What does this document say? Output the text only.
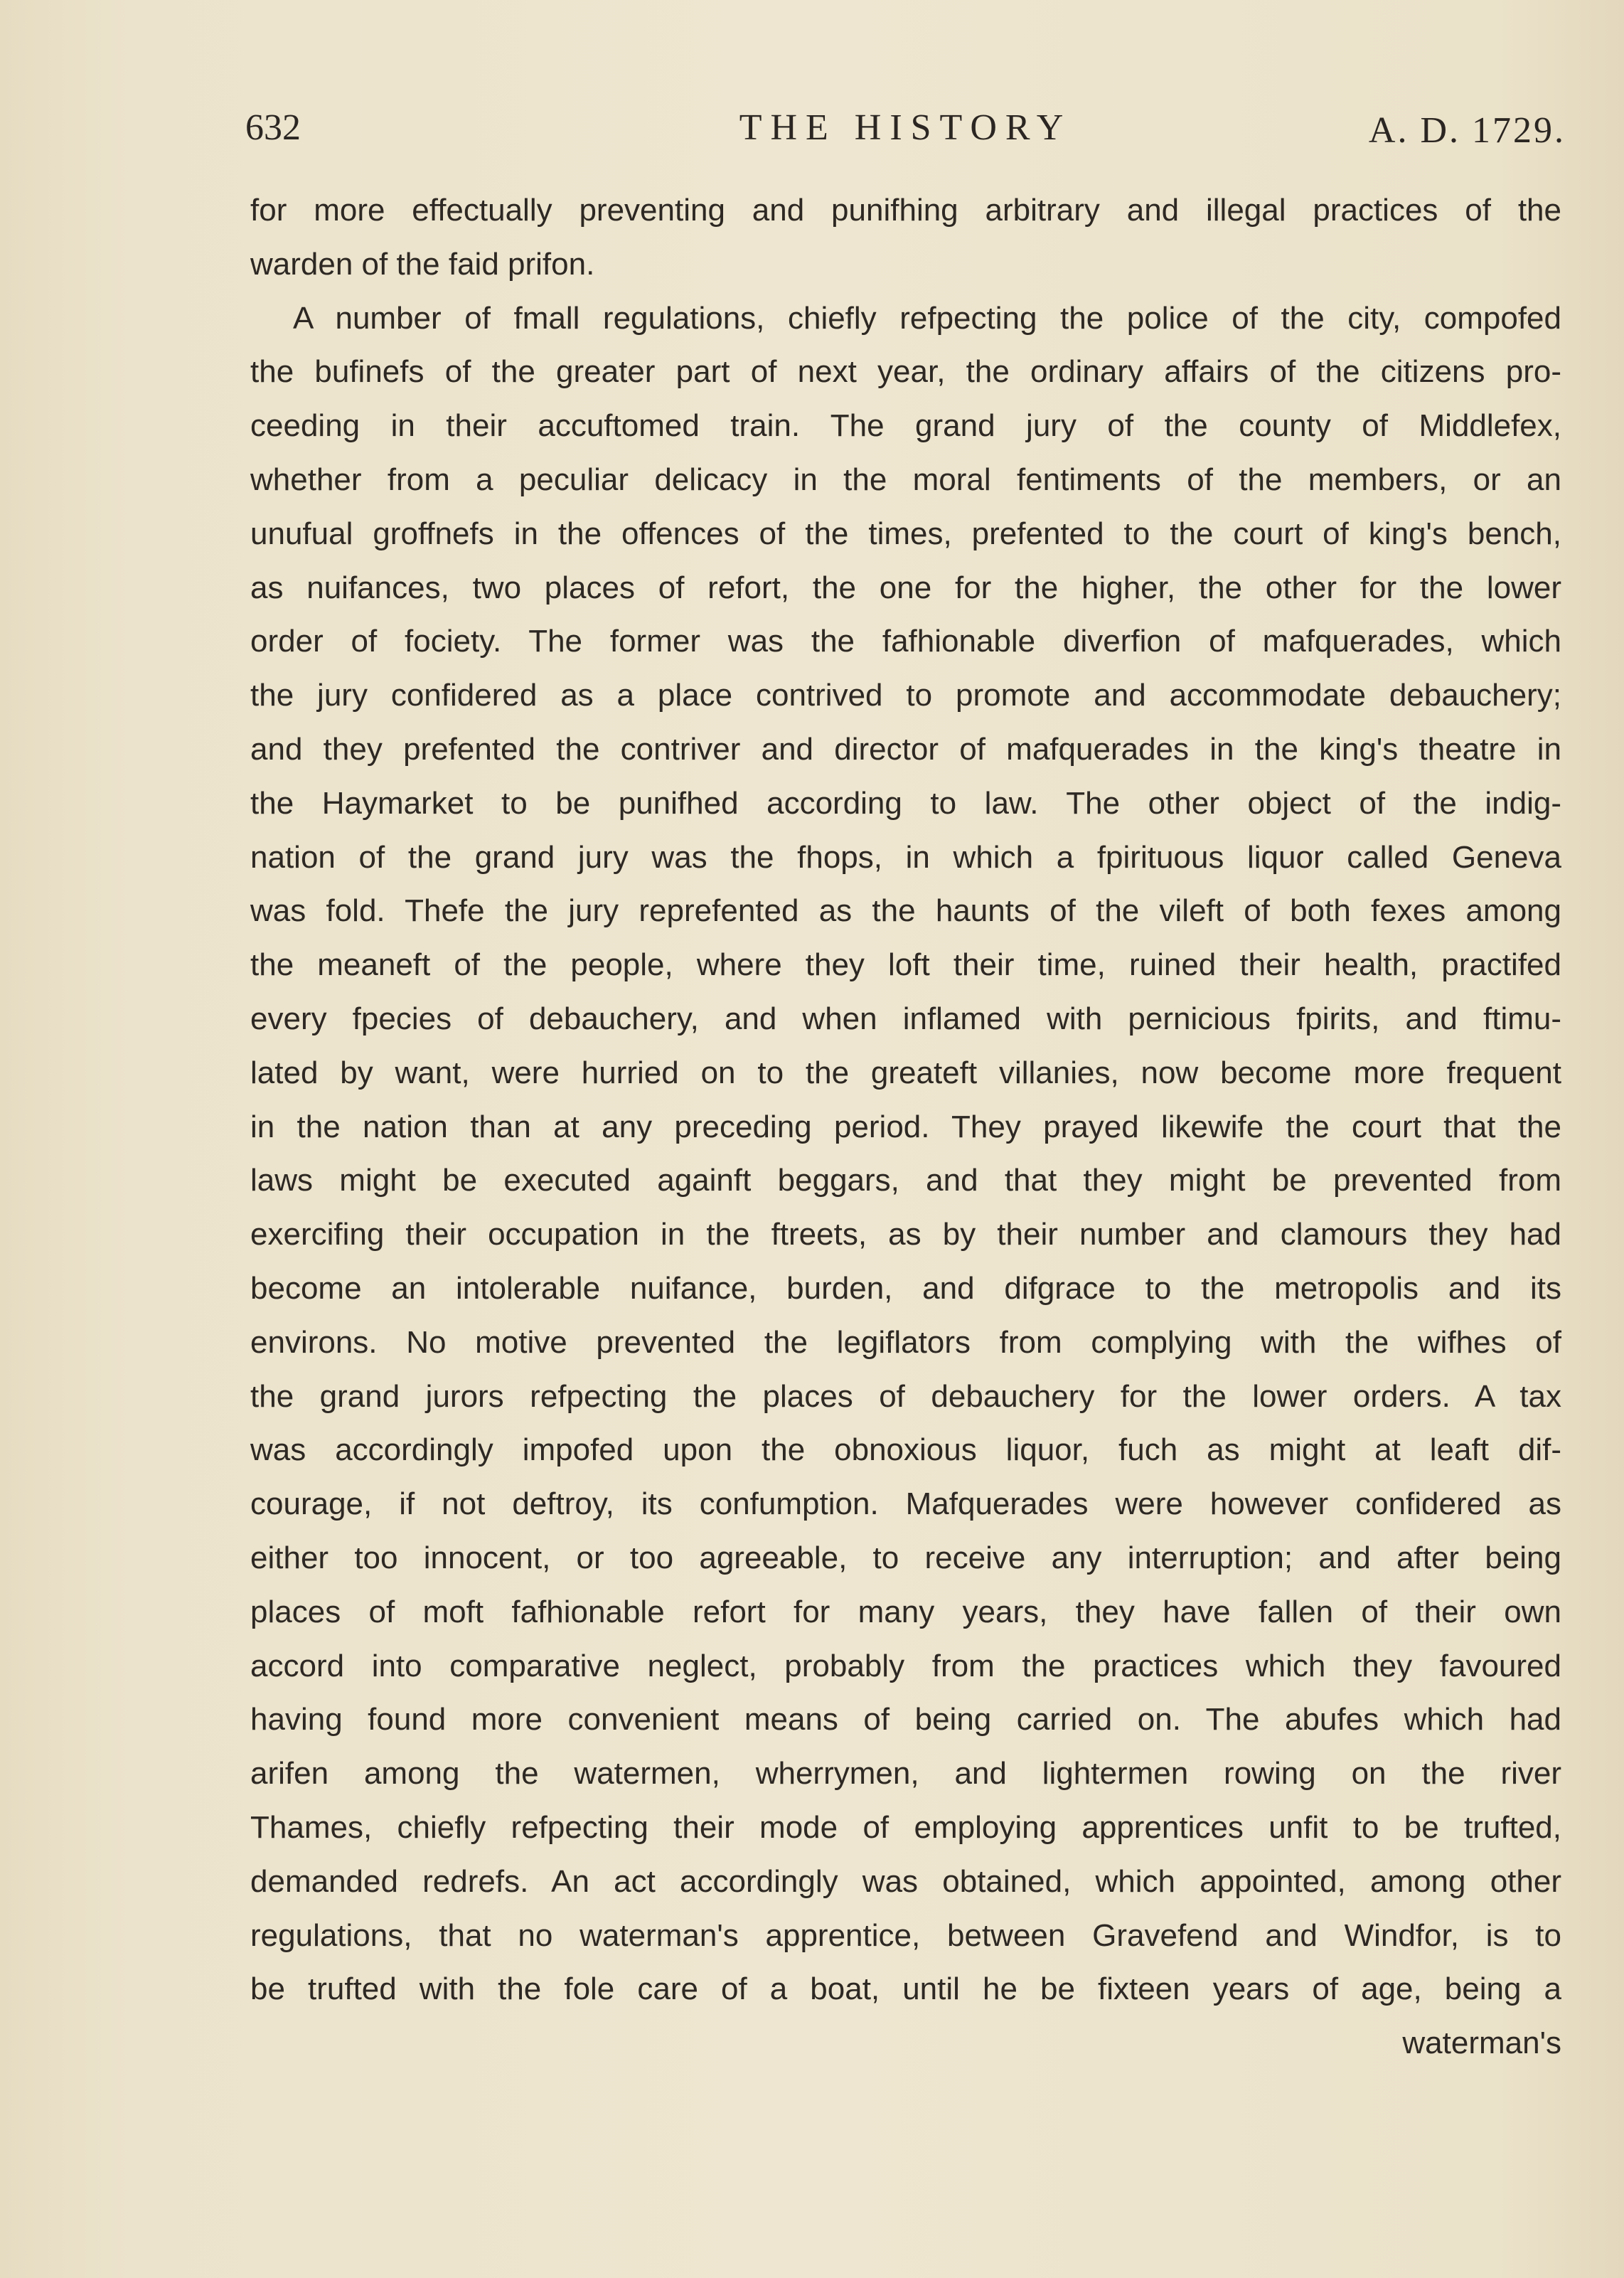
632	THE HISTORY	A. D. 1729.
for more effectually preventing and punifhing arbitrary and illegal practices of the
warden of the faid prifon.
A number of fmall regulations, chiefly refpecting the police of the city, compofed
the bufinefs of the greater part of next year, the ordinary affairs of the citizens pro-
ceeding in their accuftomed train. The grand jury of the county of Middlefex,
whether from a peculiar delicacy in the moral fentiments of the members, or an
unufual groffnefs in the offences of the times, prefented to the court of king's bench,
as nuifances, two places of refort, the one for the higher, the other for the lower
order of fociety. The former was the fafhionable diverfion of mafquerades, which
the jury confidered as a place contrived to promote and accommodate debauchery;
and they prefented the contriver and director of mafquerades in the king's theatre in
the Haymarket to be punifhed according to law. The other object of the indig-
nation of the grand jury was the fhops, in which a fpirituous liquor called Geneva
was fold. Thefe the jury reprefented as the haunts of the vileft of both fexes among
the meaneft of the people, where they loft their time, ruined their health, practifed
every fpecies of debauchery, and when inflamed with pernicious fpirits, and ftimu-
lated by want, were hurried on to the greateft villanies, now become more frequent
in the nation than at any preceding period. They prayed likewife the court that the
laws might be executed againft beggars, and that they might be prevented from
exercifing their occupation in the ftreets, as by their number and clamours they had
become an intolerable nuifance, burden, and difgrace to the metropolis and its
environs. No motive prevented the legiflators from complying with the wifhes of
the grand jurors refpecting the places of debauchery for the lower orders. A tax
was accordingly impofed upon the obnoxious liquor, fuch as might at leaft dif-
courage, if not deftroy, its confumption. Mafquerades were however confidered as
either too innocent, or too agreeable, to receive any interruption; and after being
places of moft fafhionable refort for many years, they have fallen of their own
accord into comparative neglect, probably from the practices which they favoured
having found more convenient means of being carried on. The abufes which had
arifen among the watermen, wherrymen, and lightermen rowing on the river
Thames, chiefly refpecting their mode of employing apprentices unfit to be trufted,
demanded redrefs. An act accordingly was obtained, which appointed, among other
regulations, that no waterman's apprentice, between Gravefend and Windfor, is to
be trufted with the fole care of a boat, until he be fixteen years of age, being a
waterman's
